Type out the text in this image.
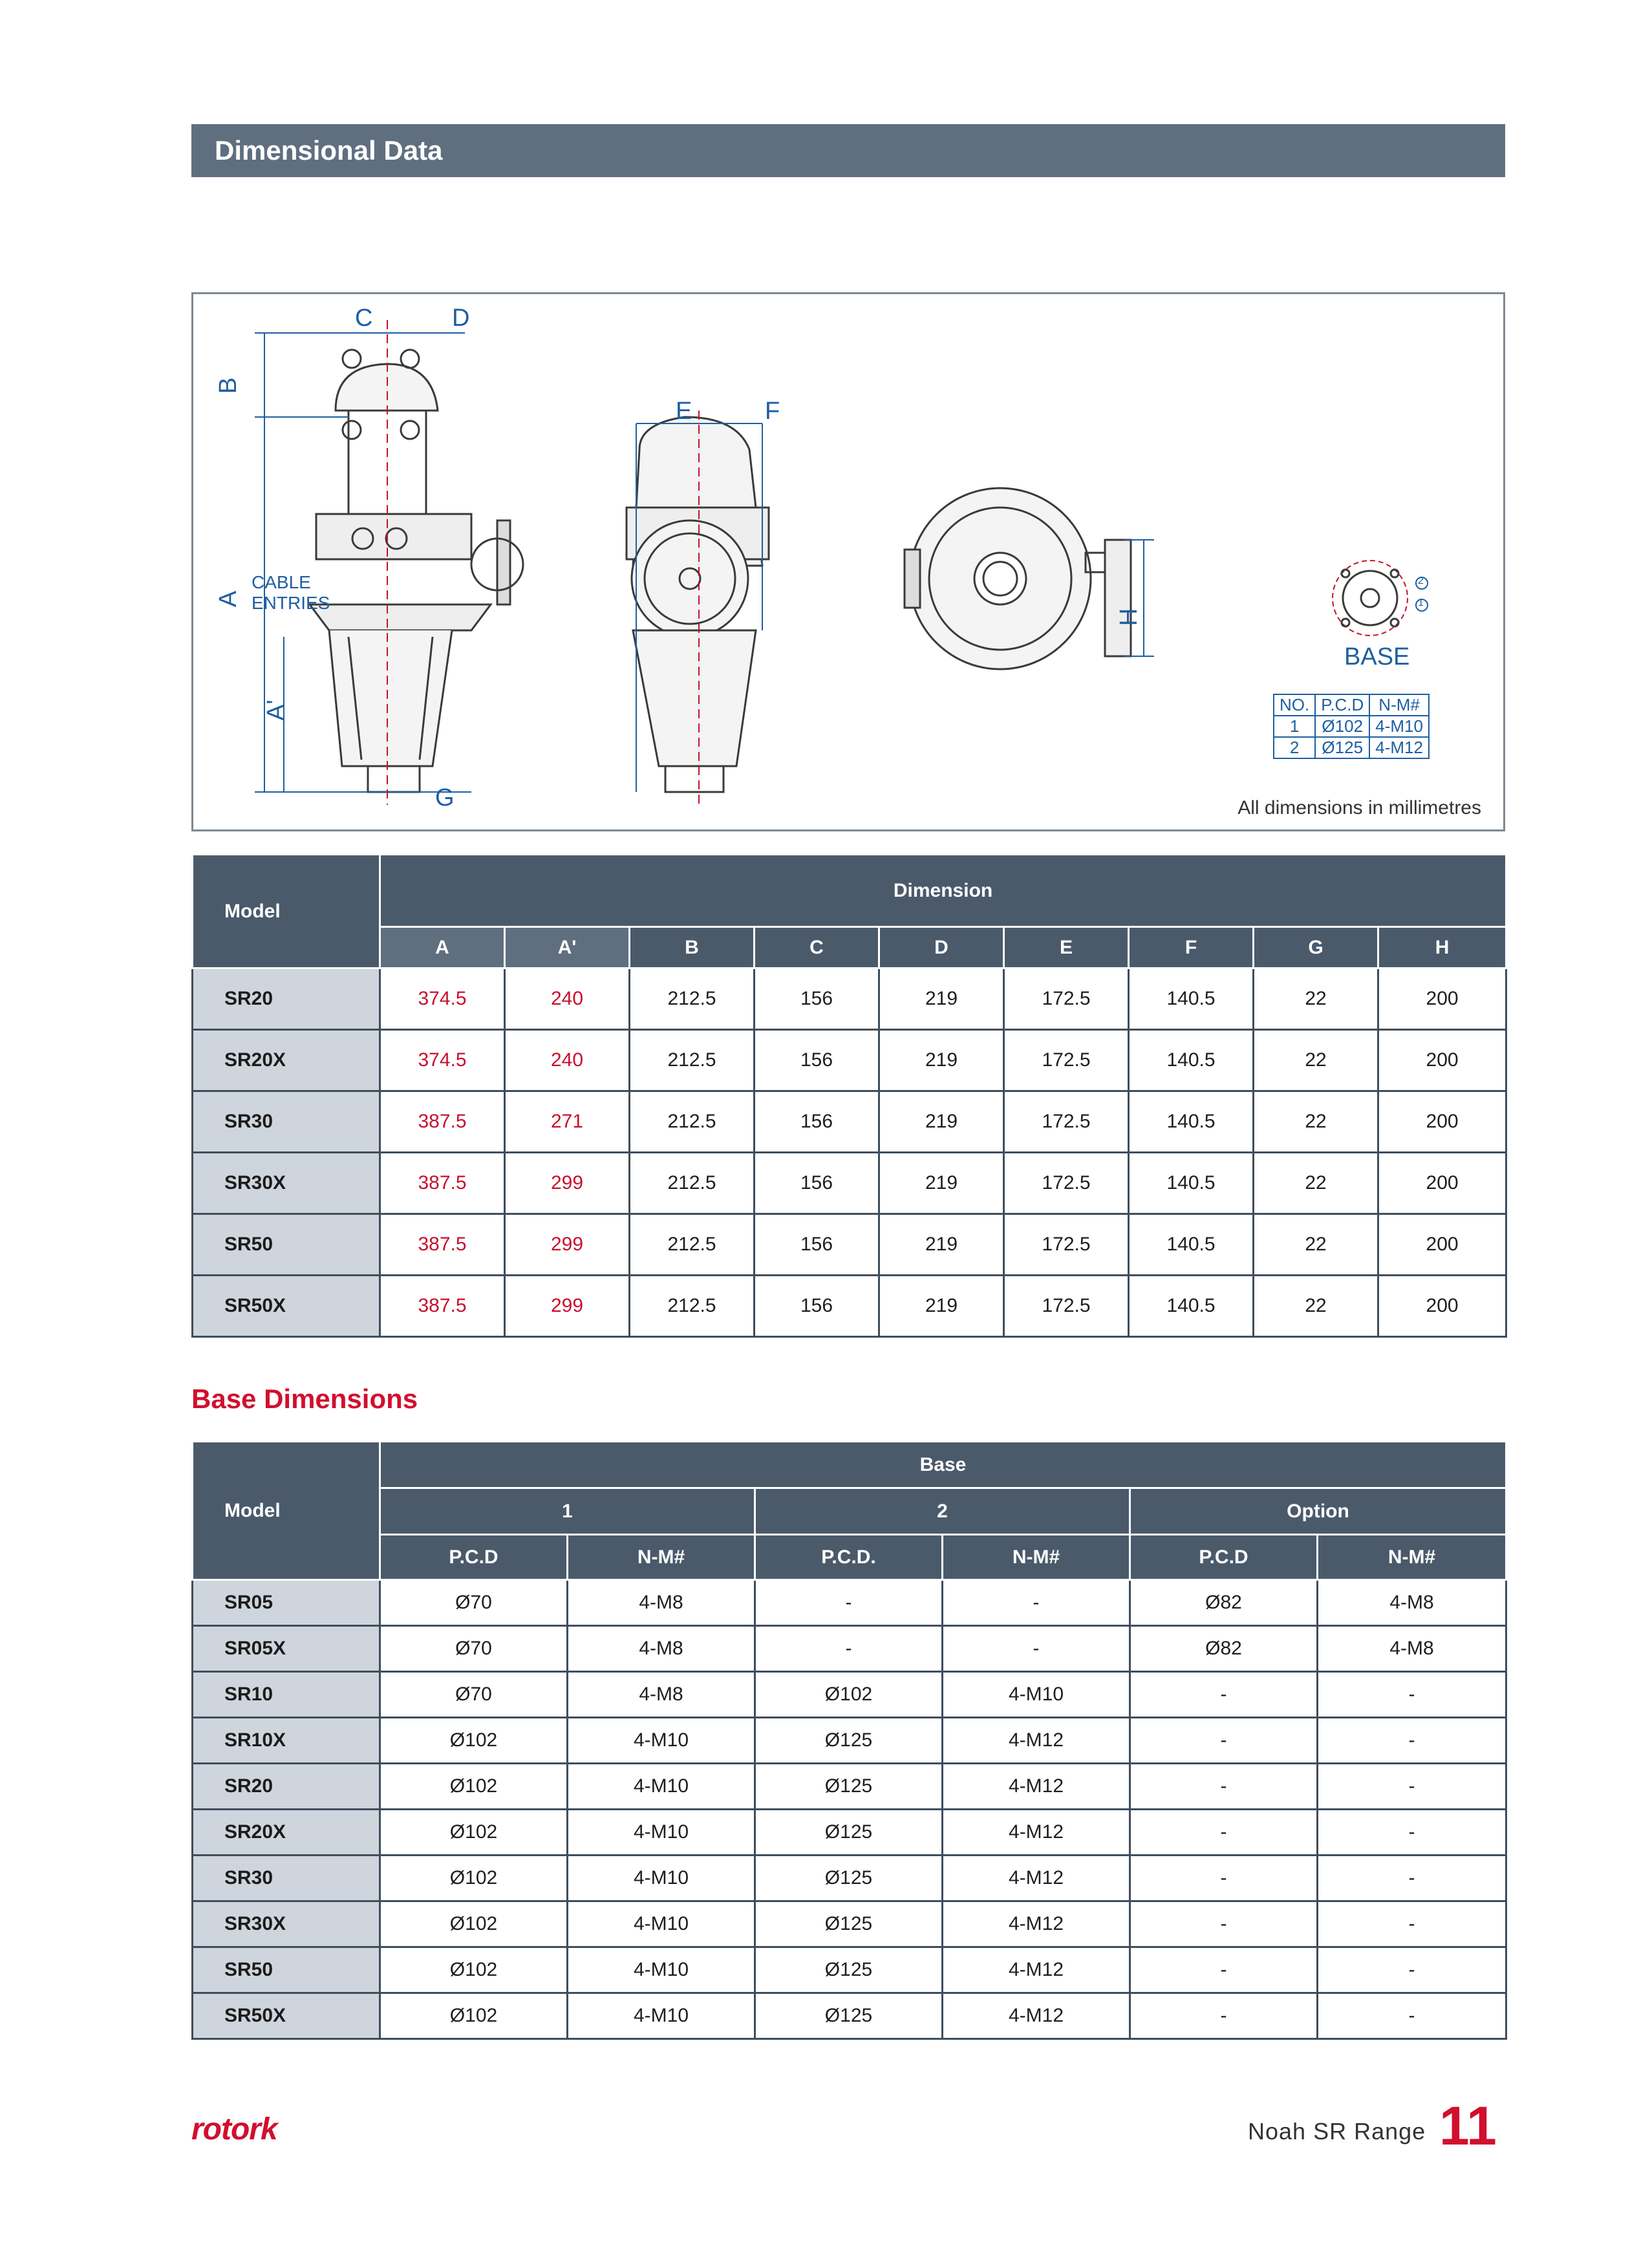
Dimensional Data
C	D
B
A
A'
CABLE
ENTRIES
G
E	F
H
BASE
2
1
NO.	P.C.D	N-M#
1	Ø102	4-M10
2	Ø125	4-M12
All dimensions in millimetres
Model	Dimension								
	A	A'	B	C	D	E	F	G	H
SR20	374.5	240	212.5	156	219	172.5	140.5	22	200
SR20X	374.5	240	212.5	156	219	172.5	140.5	22	200
SR30	387.5	271	212.5	156	219	172.5	140.5	22	200
SR30X	387.5	299	212.5	156	219	172.5	140.5	22	200
SR50	387.5	299	212.5	156	219	172.5	140.5	22	200
SR50X	387.5	299	212.5	156	219	172.5	140.5	22	200
Base Dimensions
Model	Base					
	1		2		Option	
	P.C.D	N-M#	P.C.D.	N-M#	P.C.D	N-M#
SR05	Ø70	4-M8	-	-	Ø82	4-M8
SR05X	Ø70	4-M8	-	-	Ø82	4-M8
SR10	Ø70	4-M8	Ø102	4-M10	-	-
SR10X	Ø102	4-M10	Ø125	4-M12	-	-
SR20	Ø102	4-M10	Ø125	4-M12	-	-
SR20X	Ø102	4-M10	Ø125	4-M12	-	-
SR30	Ø102	4-M10	Ø125	4-M12	-	-
SR30X	Ø102	4-M10	Ø125	4-M12	-	-
SR50	Ø102	4-M10	Ø125	4-M12	-	-
SR50X	Ø102	4-M10	Ø125	4-M12	-	-
rotork	Noah SR Range 11
